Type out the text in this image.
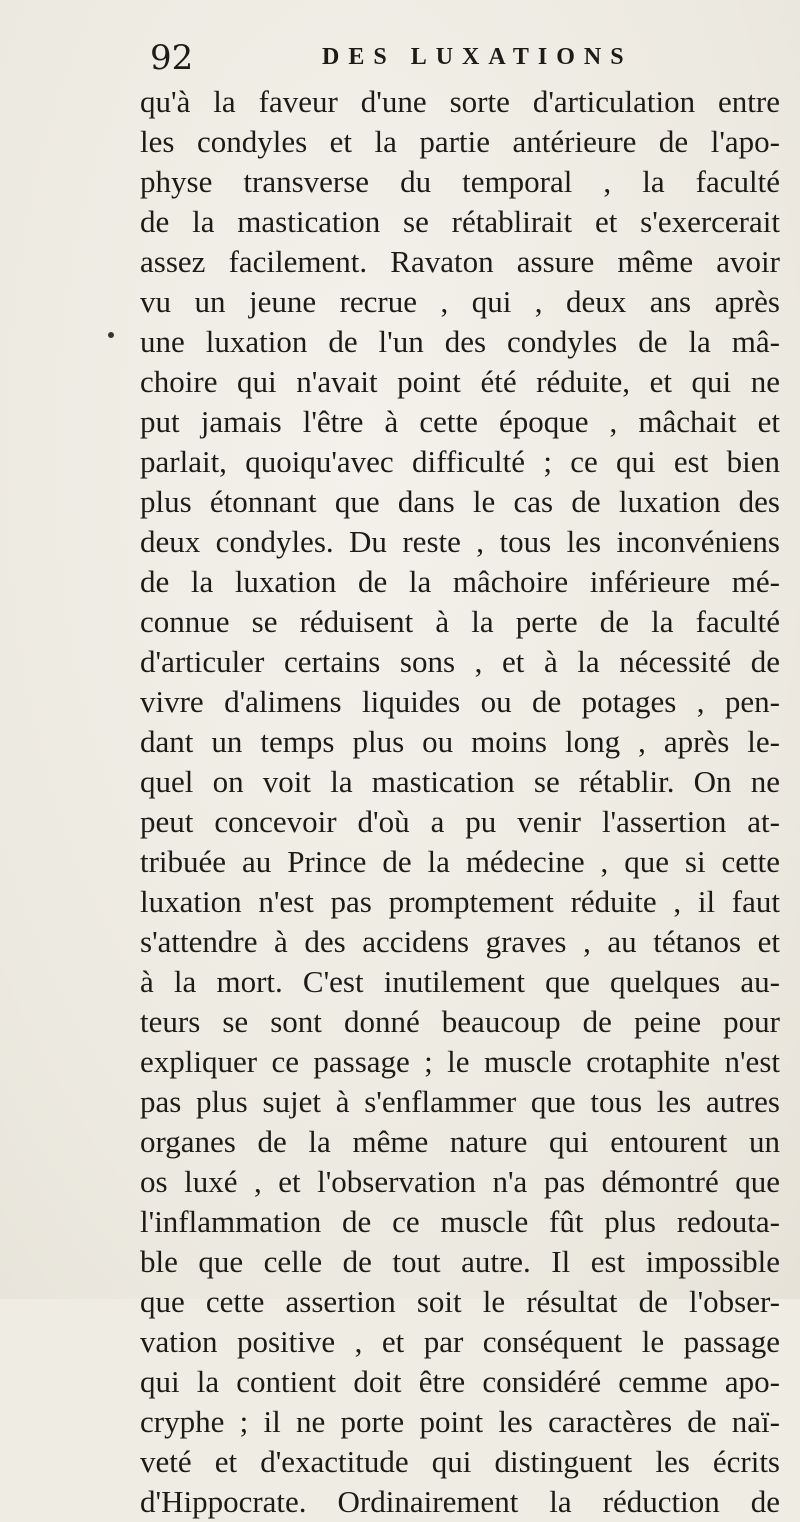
92	DES LUXATIONS
qu'à la faveur d'une sorte d'articulation entre
les condyles et la partie antérieure de l'apo-
physe transverse du temporal , la faculté
de la mastication se rétablirait et s'exercerait
assez facilement. Ravaton assure même avoir
vu un jeune recrue , qui , deux ans après
une luxation de l'un des condyles de la mâ-
choire qui n'avait point été réduite, et qui ne
put jamais l'être à cette époque , mâchait et
parlait, quoiqu'avec difficulté ; ce qui est bien
plus étonnant que dans le cas de luxation des
deux condyles. Du reste , tous les inconvéniens
de la luxation de la mâchoire inférieure mé-
connue se réduisent à la perte de la faculté
d'articuler certains sons , et à la nécessité de
vivre d'alimens liquides ou de potages , pen-
dant un temps plus ou moins long , après le-
quel on voit la mastication se rétablir. On ne
peut concevoir d'où a pu venir l'assertion at-
tribuée au Prince de la médecine , que si cette
luxation n'est pas promptement réduite , il faut
s'attendre à des accidens graves , au tétanos et
à la mort. C'est inutilement que quelques au-
teurs se sont donné beaucoup de peine pour
expliquer ce passage ; le muscle crotaphite n'est
pas plus sujet à s'enflammer que tous les autres
organes de la même nature qui entourent un
os luxé , et l'observation n'a pas démontré que
l'inflammation de ce muscle fût plus redouta-
ble que celle de tout autre. Il est impossible
que cette assertion soit le résultat de l'obser-
vation positive , et par conséquent le passage
qui la contient doit être considéré cemme apo-
cryphe ; il ne porte point les caractères de naï-
veté et d'exactitude qui distinguent les écrits
d'Hippocrate. Ordinairement la réduction de
